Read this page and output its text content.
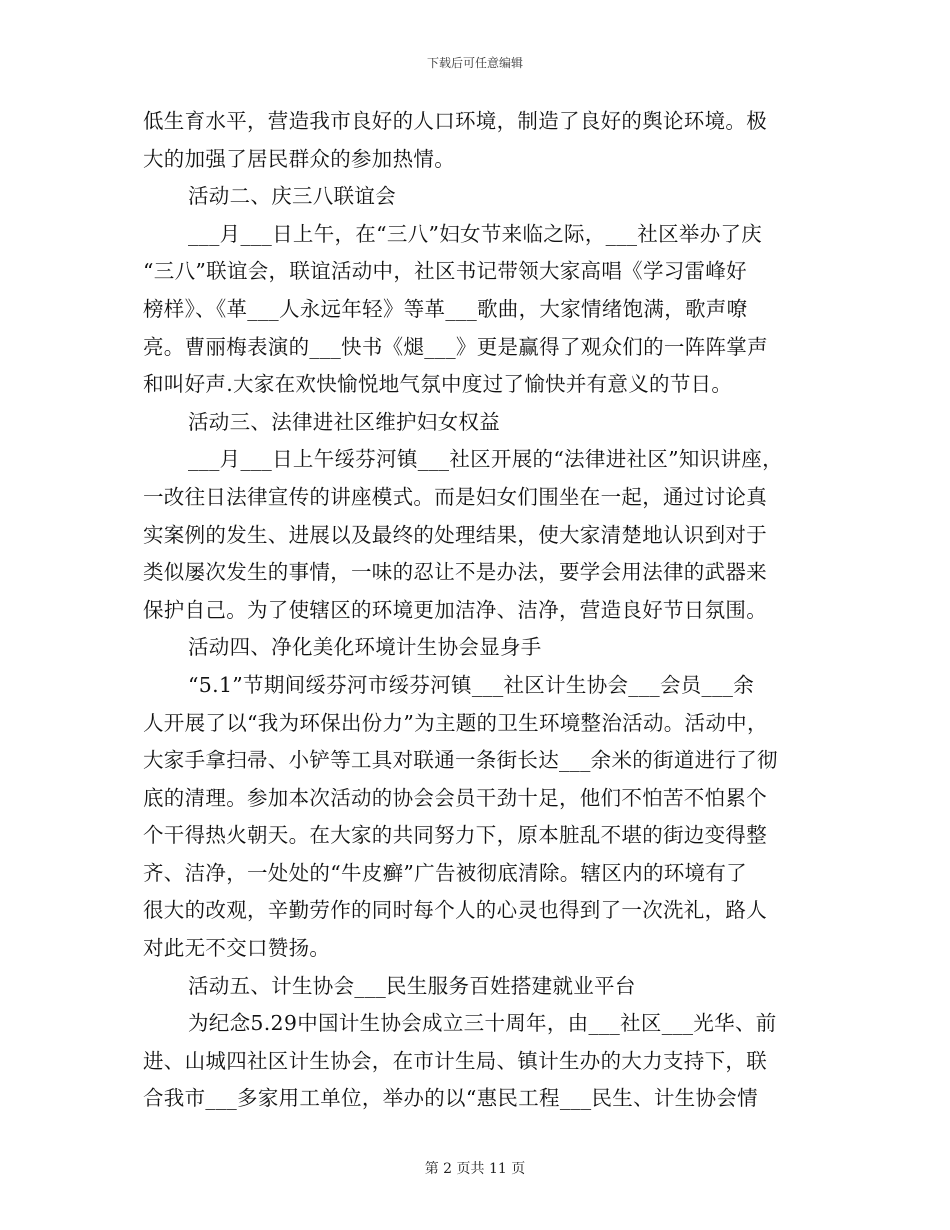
下载后可任意编辑
低生育水平，营造我市良好的人口环境，制造了良好的舆论环境。极
大的加强了居民群众的参加热情。
活动二、庆三八联谊会
___月___日上午，在“三八”妇女节来临之际，___社区举办了庆
“三八”联谊会，联谊活动中，社区书记带领大家高唱《学习雷峰好
榜样》、《革___人永远年轻》等革___歌曲，大家情绪饱满，歌声嘹
亮。曹丽梅表演的___快书《煺___》更是赢得了观众们的一阵阵掌声
和叫好声.大家在欢快愉悦地气氛中度过了愉快并有意义的节日。
活动三、法律进社区维护妇女权益
___月___日上午绥芬河镇___社区开展的“法律进社区”知识讲座，
一改往日法律宣传的讲座模式。而是妇女们围坐在一起，通过讨论真
实案例的发生、进展以及最终的处理结果，使大家清楚地认识到对于
类似屡次发生的事情，一味的忍让不是办法，要学会用法律的武器来
保护自己。为了使辖区的环境更加洁净、洁净，营造良好节日氛围。
活动四、净化美化环境计生协会显身手
“5.1”节期间绥芬河市绥芬河镇___社区计生协会___会员___余
人开展了以“我为环保出份力”为主题的卫生环境整治活动。活动中，
大家手拿扫帚、小铲等工具对联通一条街长达___余米的街道进行了彻
底的清理。参加本次活动的协会会员干劲十足，他们不怕苦不怕累个
个干得热火朝天。在大家的共同努力下，原本脏乱不堪的街边变得整
齐、洁净，一处处的“牛皮癣”广告被彻底清除。辖区内的环境有了
很大的改观，辛勤劳作的同时每个人的心灵也得到了一次洗礼，路人
对此无不交口赞扬。
活动五、计生协会___民生服务百姓搭建就业平台
为纪念5.29中国计生协会成立三十周年，由___社区___光华、前
进、山城四社区计生协会，在市计生局、镇计生办的大力支持下，联
合我市___多家用工单位，举办的以“惠民工程___民生、计生协会情
第 2 页共 11 页
